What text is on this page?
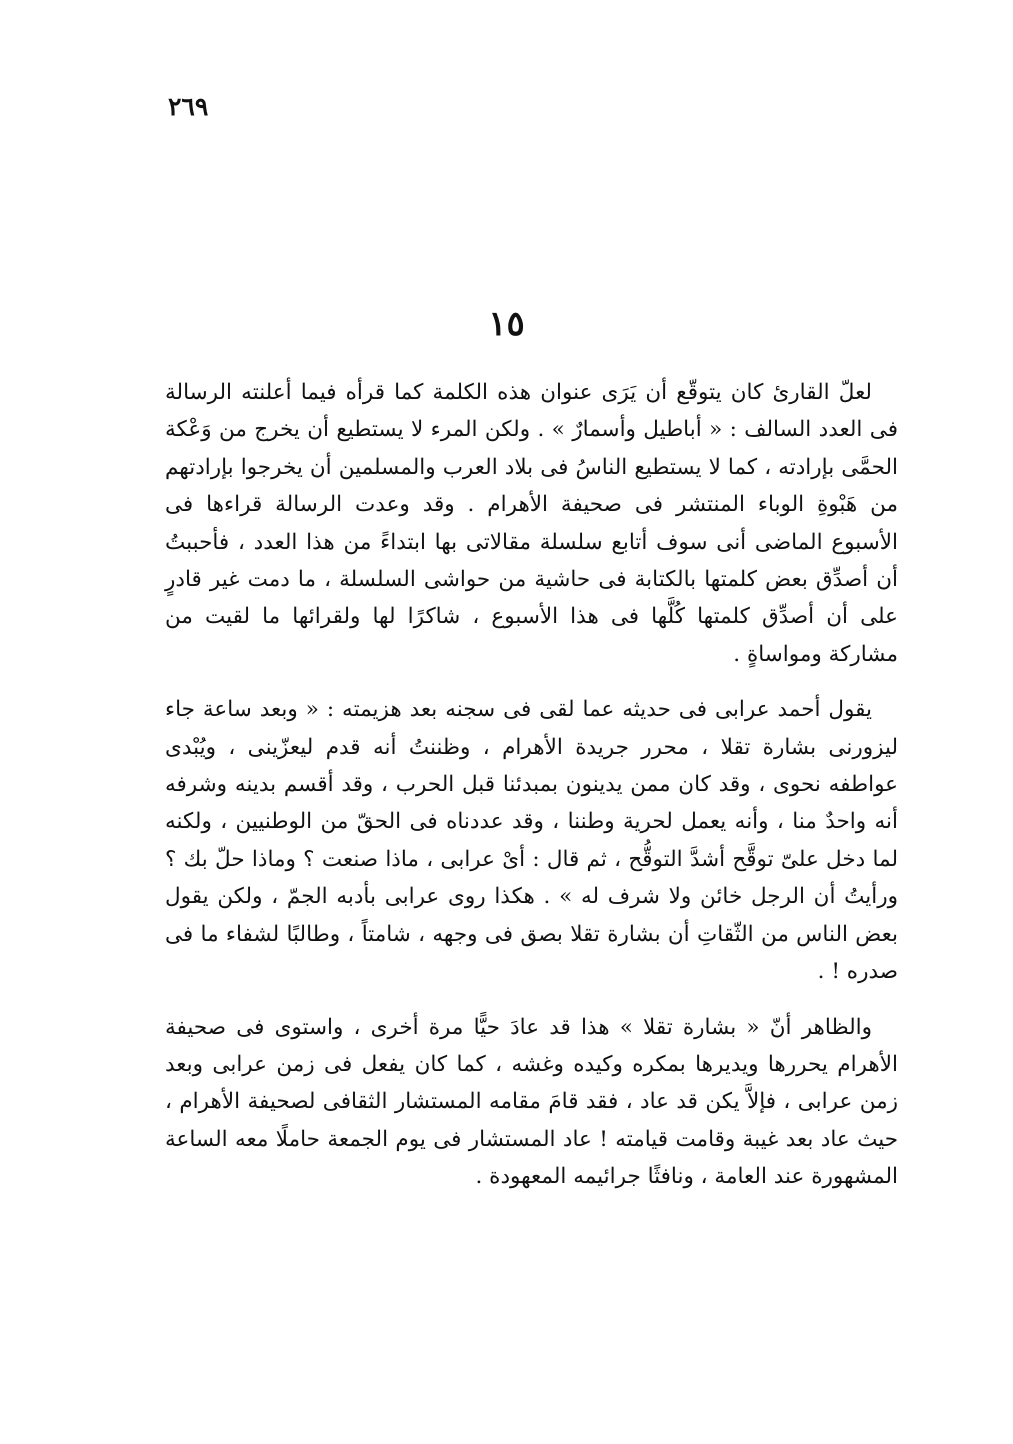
٢٦٩
١٥

لعلّ القارئ كان يتوقّع أن يَرَى عنوان هذه الكلمة كما قرأه فيما أعلنته الرسالة فى العدد السالف : « أباطيل وأسمارٌ » . ولكن المرء لا يستطيع أن يخرج من وَعْكة الحمَّى بإرادته ، كما لا يستطيع الناسُ فى بلاد العرب والمسلمين أن يخرجوا بإرادتهم من هَبْوةِ الوباء المنتشر فى صحيفة الأهرام . وقد وعدت الرسالة قراءها فى الأسبوع الماضى أنى سوف أتابع سلسلة مقالاتى بها ابتداءً من هذا العدد ، فأحببتُ أن أصدِّق بعض كلمتها بالكتابة فى حاشية من حواشى السلسلة ، ما دمت غير قادرٍ على أن أصدِّق كلمتها كُلَّها فى هذا الأسبوع ، شاكرًا لها ولقرائها ما لقيت من مشاركة ومواساةٍ .

يقول أحمد عرابى فى حديثه عما لقى فى سجنه بعد هزيمته : « وبعد ساعة جاء ليزورنى بشارة تقلا ، محرر جريدة الأهرام ، وظننتُ أنه قدم ليعزّينى ، ويُبْدى عواطفه نحوى ، وقد كان ممن يدينون بمبدئنا قبل الحرب ، وقد أقسم بدينه وشرفه أنه واحدٌ منا ، وأنه يعمل لحرية وطننا ، وقد عددناه فى الحقّ من الوطنيين ، ولكنه لما دخل علىّ توقَّح أشدَّ التوقُّح ، ثم قال : أىْ عرابى ، ماذا صنعت ؟ وماذا حلّ بك ؟ ورأيتُ أن الرجل خائن ولا شرف له » . هكذا روى عرابى بأدبه الجمّ ، ولكن يقول بعض الناس من الثّقاتِ أن بشارة تقلا بصق فى وجهه ، شامتاً ، وطالبًا لشفاء ما فى صدره ! .

والظاهر أنّ « بشارة تقلا » هذا قد عادَ حيًّا مرة أخرى ، واستوى فى صحيفة الأهرام يحررها ويديرها بمكره وكيده وغشه ، كما كان يفعل فى زمن عرابى وبعد زمن عرابى ، فإلاَّ يكن قد عاد ، فقد قامَ مقامه المستشار الثقافى لصحيفة الأهرام ، حيث عاد بعد غيبة وقامت قيامته ! عاد المستشار فى يوم الجمعة حاملًا معه الساعة المشهورة عند العامة ، ونافثًا جرائيمه المعهودة .
